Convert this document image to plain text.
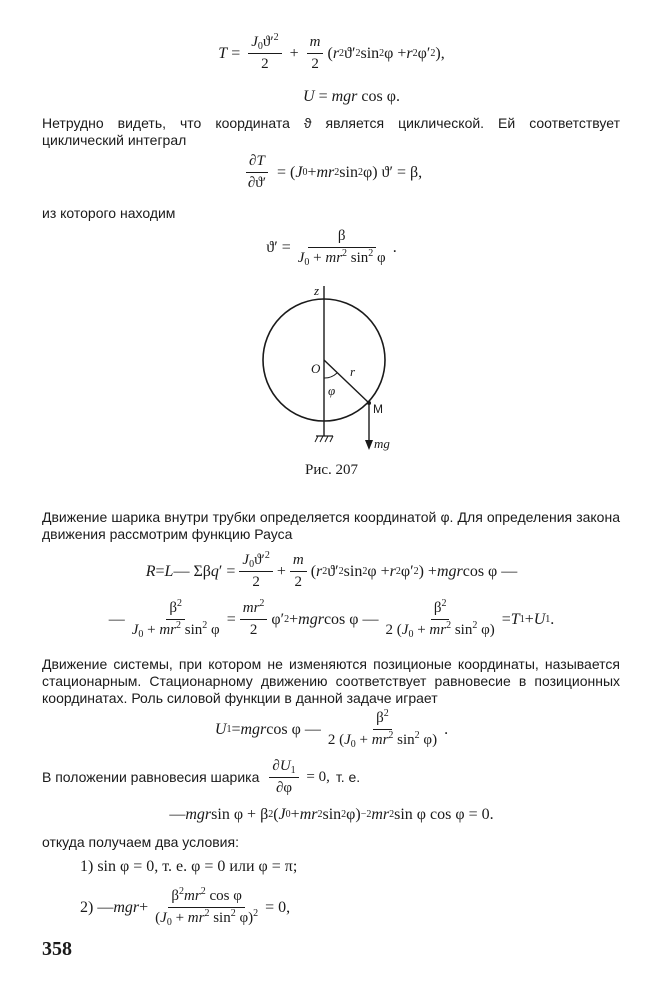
$T = \frac{J_0ϑ'^2}{2} + \frac{m}{2}$ ( r 2 ϑ′ 2 sin 2 φ + r 2 φ′ 2 ),
U = mgr cos φ.
Нетрудно видеть, что координата ϑ является циклической. Ей соответствует циклический интеграл
$\frac{\partial T}{\partial ϑ'}$ = ( J 0 + mr 2 sin 2 φ) ϑ′ = β,
из которого находим
$ϑ' = \frac{\beta}{J_0 + mr^2 \sin^2 \varphi}$ .
z
O r
φ
M
mg
Рис. 207
Движение шарика внутри трубки определяется координатой φ. Для определения закона движения рассмотрим функцию Рауса
R = L — Σβ q ′ = $\frac{J_0ϑ'^2}{2} + \frac{m}{2}$ ( r 2 ϑ′ 2 sin 2 φ + r 2 φ′ 2 ) + mgr cos φ —
— $\frac{\beta^2}{J_0 + mr^2 \sin^2 \varphi} = \frac{mr^2}{2} \varphi'$ 2 + mgr cos φ — $\frac{\beta^2}{2 (J_0 + mr^2 \sin^2 \varphi)} = T$ 1 + U 1 .
Движение системы, при котором не изменяются позиционые координаты, называется стационарным. Стационарному движению соответствует равновесие в позиционных координатах. Роль силовой функции в данной задаче играет
U 1 = mgr cos φ — $\frac{\beta^2}{2 (J_0 + mr^2 \sin^2 \varphi)}$ .
В положении равновесия шарика $\frac{\partial U_1}{\partial\varphi} = 0$, т. е.
— mgr sin φ + β 2 ( J 0 + mr 2 sin 2 φ) −2 mr 2 sin φ cos φ = 0.
откуда получаем два условия:
1) sin φ = 0, т. е. φ = 0 или φ = π;
2) — mgr + $\frac{\beta^2mr^2 \cos \varphi}{(J_0 + mr^2 \sin^2 \varphi)^2} = 0$,
358
